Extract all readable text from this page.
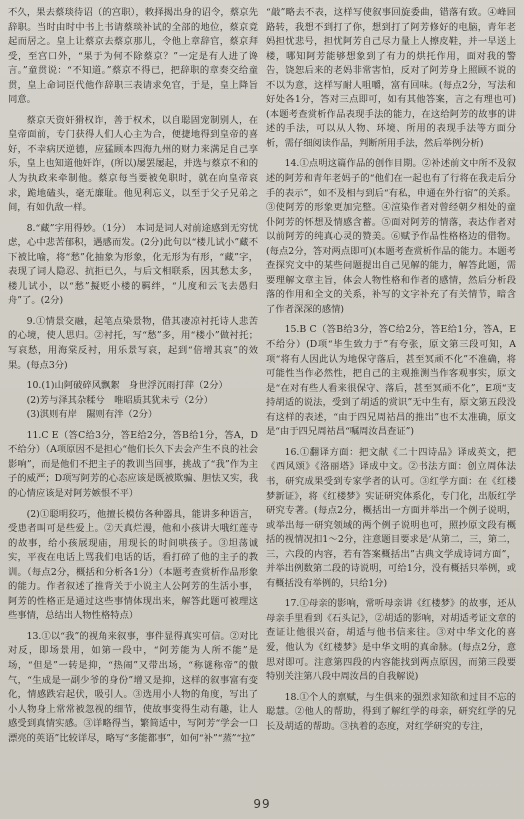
不久，果去蔡琰待诏（的宫职），敕择揭出身的诏令，蔡京先辞职。当时由时中书上书请蔡琰补试的全部的地位，蔡京竟起而居之。皇上让蔡京去蔡京那儿，令他上章辞官，蔡京拜受，至宫口外，“果于为何不除蔡京？”一定是有人进了谗言。”童贯说：“不知道。”蔡京不得已，把辞职的章奏交给童贯，皇上命词臣代他作辞职三表请求免官，于是，皇上降旨同意。

蔡京天资奸猾权诈，善于权术，以自聪固宠制别人，在皇帝面前，专门获得人们人心主为合，便捷地得到皇帝的喜好，不幸病厌逆德，应猛顾本四海九州的财力来满足自己享乐，皇上也知道他奸诈，(所以)屡罢屡起，并选与蔡京不和的人为执政来牵制他。蔡京每当要被免职时，就在向皇帝哀求，跪地磕头，毫无廉耻。他见利忘义，以至于父子兄弟之间，有如仇敌一样。

8.“藏”字用得妙。（1分）　本词是词人对前途感到无穷忧虑，心中悲苦郁积，遇感而发。(2分)此句以“楼儿试小”藏不下被比喻，将“愁”化抽象为形象，化无形为有形，“藏”字，表现了词人隐忍、抗拒已久，与后文相联系，因其愁太多，楼儿试小，以“愁”擬贬小楼的羁绊，“儿度和云飞去愚归舟”了。(2分)

9.①情景交融，起笔点染景物，借其凄凉衬托诗人悲苦的心境，使人思归。②衬托，写“愁”多，用“楼小”做衬托；写哀愁，用海棠反衬，用乐景写哀，起到“倍增其哀”的效果。(每点3分)

10.(1)山阿破碎风飘絮　身世浮沉雨打萍（2分）

(2)芳与泽其杂糅兮　唯昭质其犹未亏（2分）

(3)淇则有岸　隰则有泮（2分）

11.C E（答C给3分，答E给2分，答B给1分，答A，D不给分）（A项原因不是担心“他们长久下去会产生不良的社会影响”，而是他们不把主子的教训当回事，挑战了“我”作为主子的威严；D项写阿芳的心态应该是既被欺骗、胆怯又实，我的心情应该是对阿芳嫉恨不平）

(2)①聪明狡巧，他擅长模仿各种器具，能讲多种语言，受患者叫可是些爱上。②天真烂漫，他和小孩讲大哦红莲寺的故事，给小孩展现庙，用现长的时间哄孩子。③坦荡诚实，平夜在电话上骂我们电话的话，看打碎了他的主子的教训。（每点2分，概括和分析各1分）（本题考查赏析作品形象的能力。作者叙述了推背关于小说主人公阿芳的生活小事，阿芳的性格正是通过这些事情体现出来，解答此题可被理这些事情，总结出人物性格特点）

13.①以“我”的视角来叙事，事件显得真实可信。②对比对反，即场景用，如第一段中，“阿芳能为人所不能”是场，“但是”一转是抑，“热闹”又带出场，“称谜称帝”的傲气，“生成是一副少爷的身份”增又是抑，这样的叙事富有变化，情感跌宕起伏，吸引人。③选用小人物的角度，写出了小人物身上常常被忽视的细节，使故事变得生动有趣，让人感受到真情实感。③详略得当，繁简适中，写阿芳“学会一口漂亮的英语”比较详尽，略写“多能都事”，如何“补”“蒸”“拉”

“敲”略去不表，这样写使叙事回旋委曲，错落有致。④峰回路转，我想不到打了你，想到打了阿芳修好的电脑，青年老妈担忧悲号，担忧阿芳自己尽力量上人擦皮鞋，并一早送上楼，哪知阿芳能够想象到了有力的烘托作用，面对我的警告，饶恕后来的老妈非常害怕，反对了阿芳身上照顾不说的不以为意，这样写耐人咀嚼，富有回味。(每点2分，写法和好处各1分，答对三点即可，如有其他答案，言之有理也可)(本题考查赏析作品表现手法的能力，在这给阿芳的故事的讲述的手法，可以从人物、环境、所用的表现手法等方面分析，需仔细阅读作品，判断所用手法，然后举例分析)

14.①点明这篇作品的创作目期。②补述前文中所不及叙述的阿芳和青年老妈子的“他们在一起也有了行将在我走后分手的表示”，如不及相与到后“有私，申通在外行宿”的关系。③使阿芳的形象更加完整。④渲染作者对曾经朝夕相处的童仆阿芳的怀想及情感含蓄。⑤面对阿芳的情落，表达作者对以前阿芳的纯真心灵的赞美。⑥赋予作品性格格边的借物。(每点2分，答对两点即可)(本题考查赏析作品的能力。本题考查探究文中的某些问题提出自己见解的能力，解答此题，需要理解文章主旨，体会人物性格和作者的感情，然后分析段落的作用和全文的关系，补写的文字补充了有关情节，暗含了作者深深的感情)

15.B C（答B给3分，答C给2分，答E给1分，答A，E不给分）(D项“毕生致力于”有夸张，原文第三段可知，A项“将有人因此认为地保守落后，甚至冥顽不化”不准确，将可能性当作必然性，把自己的主观推测当作客观事实，原文是“在对有些人看来很保守、落后，甚至冥顽不化”，E项“支持胡适的说法，受到了胡适的赏识”无中生有，原文第五段没有这样的表述，“由于四兄周祜昌的推出”也不太准确，原文是“由于四兄周祜昌“嘱周汝昌查证”)

16.①翻译方面：把文献《二十四诗品》译成英文，把《西风颂》《洛丽塔》译成中文。②书法方面：创立周体法书，研究成果受到专家学者的认可。③红学方面：在《红楼梦新证》，将《红楼梦》实证研究体系化，专门化，出版红学研究专著。(每点2分，概括出一方面并举出一个例子说明，或举出每一研究领域的两个例子说明也可，照抄原文段有概括的视情况扣1～2分，注意题目要求是‘从第二，三，第二，三，六段的内容，若有答案概括出”古典文学成诗词方面”，并举出例数第二段的诗说明，可给1分，没有概括只举例，或有概括没有举例的，只给1分)

17.①母亲的影响，常听母亲讲《红楼梦》的故事，还从母亲手里看到《石头记》，②胡适的影响，对胡适考证文章的查证让他很兴奋，胡适与他书信来往。③对中华文化的喜爱，他认为《红楼梦》是中华文明的真命脉。(每点2分，意思对即可。注意第四段的内容能找到两点原因，而第三段要特别关注第八段中周汝昌的自我解说)

18.①个人的禀赋，与生俱来的强烈求知欲和过目不忘的聪慧。②他人的帮助，得到了解红学的母亲，研究红学的兄长及胡适的帮助。③执着的态度，对红学研究的专注，

99
